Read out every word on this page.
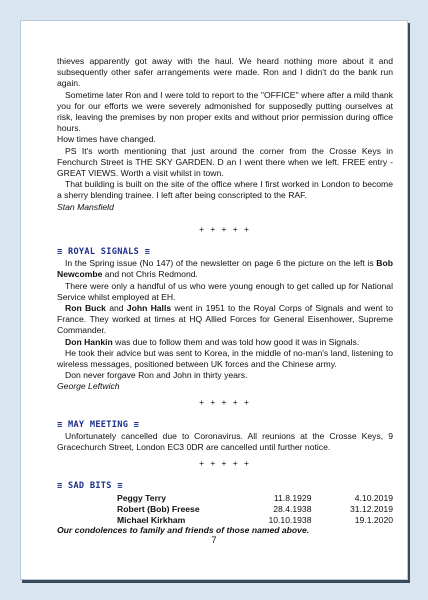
thieves apparently got away with the haul. We heard nothing more about it and subsequently other safer arrangements were made. Ron and I didn't do the bank run again.

Sometime later Ron and I were told to report to the ''OFFICE'' where after a mild thank you for our efforts we were severely admonished for supposedly putting ourselves at risk, leaving the premises by non proper exits and without prior permission during office hours.

How times have changed.

PS It's worth mentioning that just around the corner from the Crosse Keys in Fenchurch Street is THE SKY GARDEN. D an I went there when we left. FREE entry - GREAT VIEWS. Worth a visit whilst in town.

That building is built on the site of the office where I first worked in London to become a sherry blending trainee. I left after being conscripted to the RAF.

Stan Mansfield

+ + + + +
≡ ROYAL SIGNALS ≡

In the Spring issue (No 147) of the newsletter on page 6 the picture on the left is Bob Newcombe and not Chris Redmond.

There were only a handful of us who were young enough to get called up for National Service whilst employed at EH.

Ron Buck and John Halls went in 1951 to the Royal Corps of Signals and went to France. They worked at times at HQ Allied Forces for General Eisenhower, Supreme Commander.

Don Hankin was due to follow them and was told how good it was in Signals.

He took their advice but was sent to Korea, in the middle of no-man's land, listening to wireless messages, positioned between UK forces and the Chinese army.

Don never forgave Ron and John in thirty years.

George Leftwich

+ + + + +
≡ MAY MEETING ≡

Unfortunately cancelled due to Coronavirus. All reunions at the Crosse Keys, 9 Gracechurch Street, London EC3 0DR are cancelled until further notice.

+ + + + +
≡ SAD BITS ≡
Peggy Terry	11.8.1929	4.10.2019
Robert (Bob) Freese	28.4.1938	31.12.2019
Michael Kirkham	10.10.1938	19.1.2020

Our condolences to family and friends of those named above.

7
